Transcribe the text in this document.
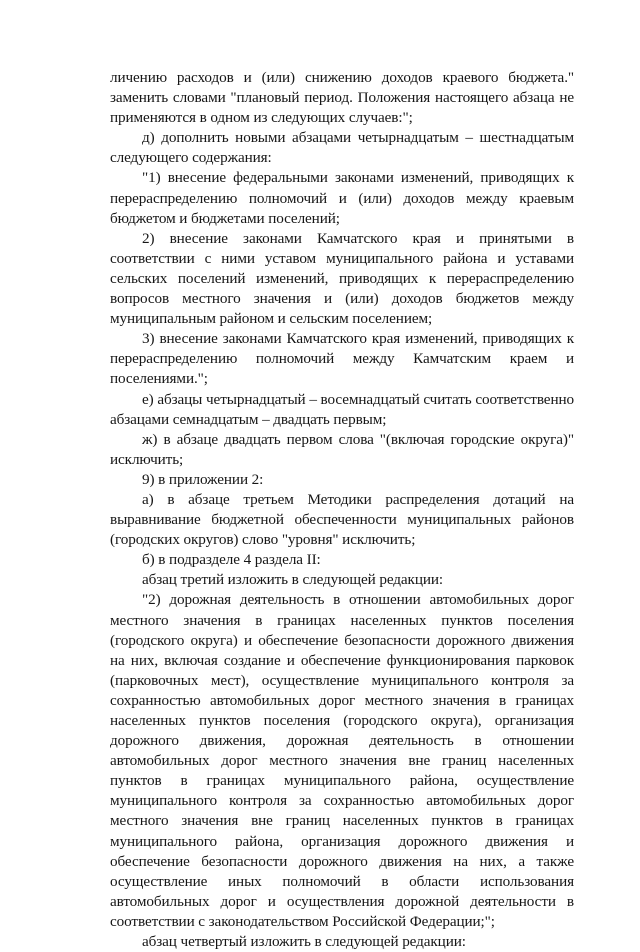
личению расходов и (или) снижению доходов краевого бюджета." заменить словами "плановый период. Положения настоящего абзаца не применяются в одном из следующих случаев:";

д) дополнить новыми абзацами четырнадцатым – шестнадцатым следующего содержания:

"1) внесение федеральными законами изменений, приводящих к перераспределению полномочий и (или) доходов между краевым бюджетом и бюджетами поселений;

2) внесение законами Камчатского края и принятыми в соответствии с ними уставом муниципального района и уставами сельских поселений изменений, приводящих к перераспределению вопросов местного значения и (или) доходов бюджетов между муниципальным районом и сельским поселением;

3) внесение законами Камчатского края изменений, приводящих к перераспределению полномочий между Камчатским краем и поселениями.";

е) абзацы четырнадцатый – восемнадцатый считать соответственно абзацами семнадцатым – двадцать первым;

ж) в абзаце двадцать первом слова "(включая городские округа)" исключить;

9) в приложении 2:

а) в абзаце третьем Методики распределения дотаций на выравнивание бюджетной обеспеченности муниципальных районов (городских округов) слово "уровня" исключить;

б) в подразделе 4 раздела II:

абзац третий изложить в следующей редакции:

"2) дорожная деятельность в отношении автомобильных дорог местного значения в границах населенных пунктов поселения (городского округа) и обеспечение безопасности дорожного движения на них, включая создание и обеспечение функционирования парковок (парковочных мест), осуществление муниципального контроля за сохранностью автомобильных дорог местного значения в границах населенных пунктов поселения (городского округа), организация дорожного движения, дорожная деятельность в отношении автомобильных дорог местного значения вне границ населенных пунктов в границах муниципального района, осуществление муниципального контроля за сохранностью автомобильных дорог местного значения вне границ населенных пунктов в границах муниципального района, организация дорожного движения и обеспечение безопасности дорожного движения на них, а также осуществление иных полномочий в области использования автомобильных дорог и осуществления дорожной деятельности в соответствии с законодательством Российской Федерации;";

абзац четвертый изложить в следующей редакции:
